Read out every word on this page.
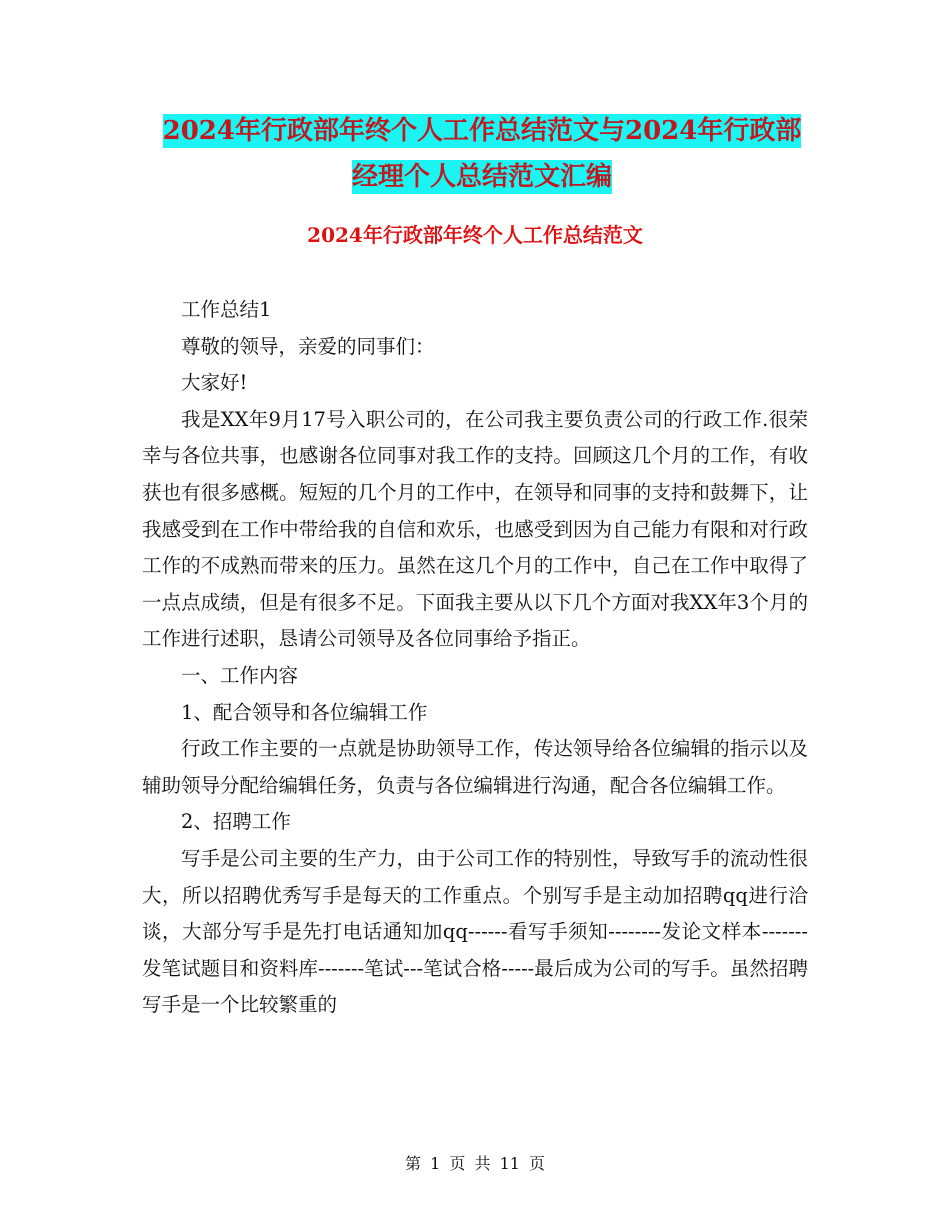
2024年行政部年终个人工作总结范文与2024年行政部
经理个人总结范文汇编
2024年行政部年终个人工作总结范文

工作总结1

尊敬的领导，亲爱的同事们：

大家好!

我是XX年9月17号入职公司的，在公司我主要负责公司的行政工作.很荣幸与各位共事，也感谢各位同事对我工作的支持。回顾这几个月的工作，有收获也有很多感概。短短的几个月的工作中，在领导和同事的支持和鼓舞下，让我感受到在工作中带给我的自信和欢乐，也感受到因为自己能力有限和对行政工作的不成熟而带来的压力。虽然在这几个月的工作中，自己在工作中取得了一点点成绩，但是有很多不足。下面我主要从以下几个方面对我XX年3个月的工作进行述职，恳请公司领导及各位同事给予指正。

一、工作内容

1、配合领导和各位编辑工作

行政工作主要的一点就是协助领导工作，传达领导给各位编辑的指示以及辅助领导分配给编辑任务，负责与各位编辑进行沟通，配合各位编辑工作。

2、招聘工作

写手是公司主要的生产力，由于公司工作的特别性，导致写手的流动性很大，所以招聘优秀写手是每天的工作重点。个别写手是主动加招聘qq进行洽谈，大部分写手是先打电话通知加qq------看写手须知--------发论文样本-------发笔试题目和资料库-------笔试---笔试合格-----最后成为公司的写手。虽然招聘写手是一个比较繁重的

第 1 页 共 11 页
